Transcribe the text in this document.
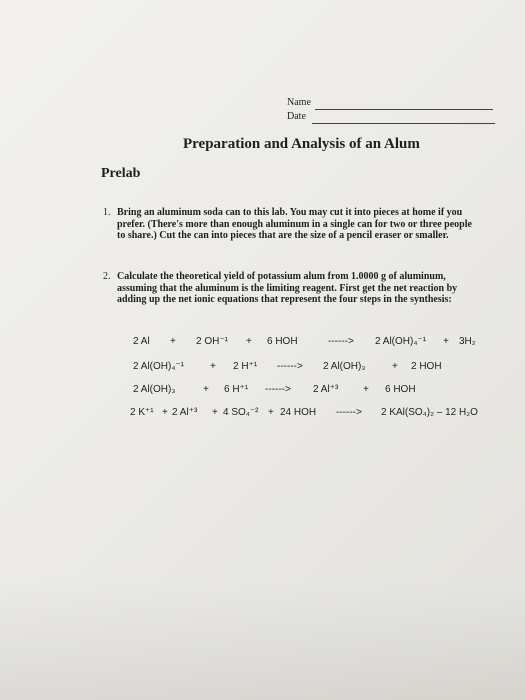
Name
Date
Preparation and Analysis of an Alum
Prelab
1. Bring an aluminum soda can to this lab. You may cut it into pieces at home if you
prefer. (There's more than enough aluminum in a single can for two or three people
to share.) Cut the can into pieces that are the size of a pencil eraser or smaller.
2. Calculate the theoretical yield of potassium alum from 1.0000 g of aluminum,
assuming that the aluminum is the limiting reagent. First get the net reaction by
adding up the net ionic equations that represent the four steps in the synthesis:
2 Al + 2 OH⁻¹ + 6 HOH	------> 2 Al(OH)₄⁻¹ + 3H₂
2 Al(OH)₄⁻¹	+ 2 H⁺¹ ------> 2 Al(OH)₃	+ 2 HOH
2 Al(OH)₃	+ 6 H⁺¹ ------> 2 Al⁺³ + 6 HOH
2 K⁺¹ + 2 Al⁺³ + 4 SO₄⁻² + 24 HOH ------> 2 KAl(SO₄)₂ – 12 H₂O
